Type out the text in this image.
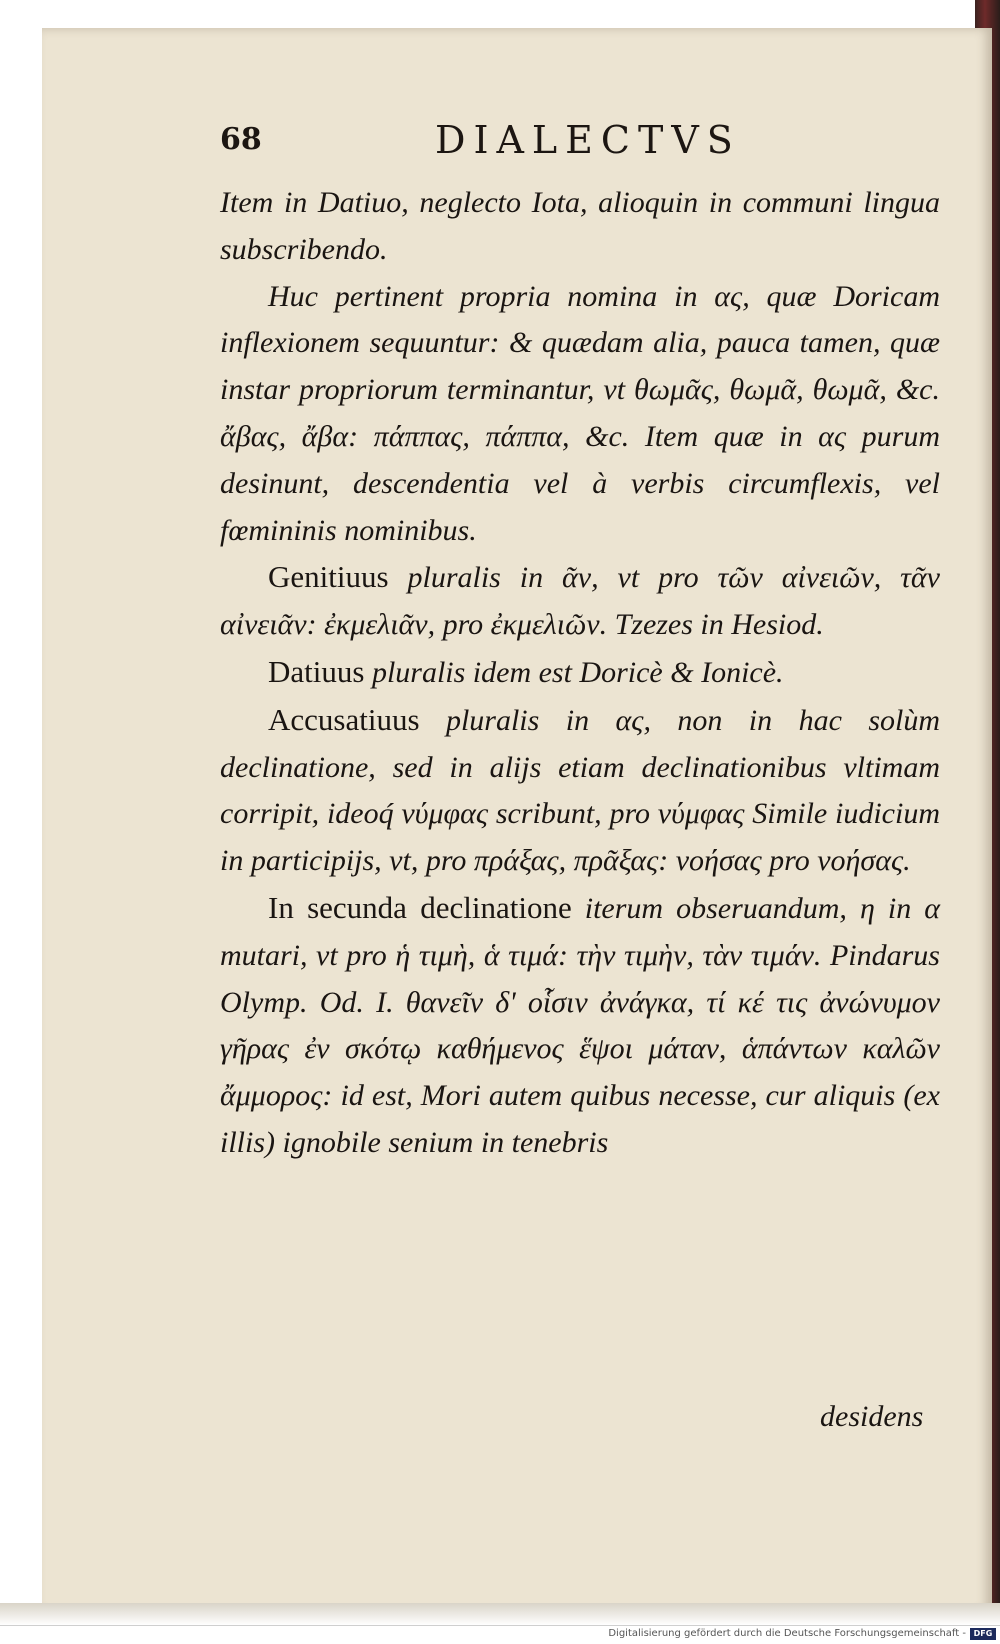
68	DIALECTVS

Item in Datiuo, neglecto Iota, alioquin in communi lingua subscribendo.

Huc pertinent propria nomina in ας, quæ Doricam inflexionem sequuntur: & quædam alia, pauca tamen, quæ instar propriorum terminantur, vt θωμᾶς, θωμᾶ, θωμᾶ, &c. ἄβας, ἄβα: πάππας, πάππα, &c. Item quæ in ας purum desinunt, descendentia vel à verbis circumflexis, vel fœmininis nominibus.

Genitiuus pluralis in ᾶν, vt pro τῶν αἰνειῶν, τᾶν αἰνειᾶν: ἐκμελιᾶν, pro ἐκμελιῶν. Tzezes in Hesiod.

Datiuus pluralis idem est Doricè & Ionicè.

Accusatiuus pluralis in ας, non in hac solùm declinatione, sed in alijs etiam declinationibus vltimam corripit, ideoq́ νύμφας scribunt, pro νύμφας Simile iudicium in participijs, vt, pro πράξας, πρᾶξας: νοήσας pro νοήσας.

In secunda declinatione iterum obseruandum, η in α mutari, vt pro ἡ τιμὴ, ἁ τιμά: τὴν τιμὴν, τὰν τιμάν. Pindarus Olymp. Od. I. θανεῖν δ' οἷσιν ἀνάγκα, τί κέ τις ἀνώνυμον γῆρας ἐν σκότῳ καθήμενος ἕψοι μάταν, ἁπάντων καλῶν ἄμμορος: id est, Mori autem quibus necesse, cur aliquis (ex illis) ignobile senium in tenebris

desidens
Digitalisierung gefördert durch die Deutsche Forschungsgemeinschaft - DFG
